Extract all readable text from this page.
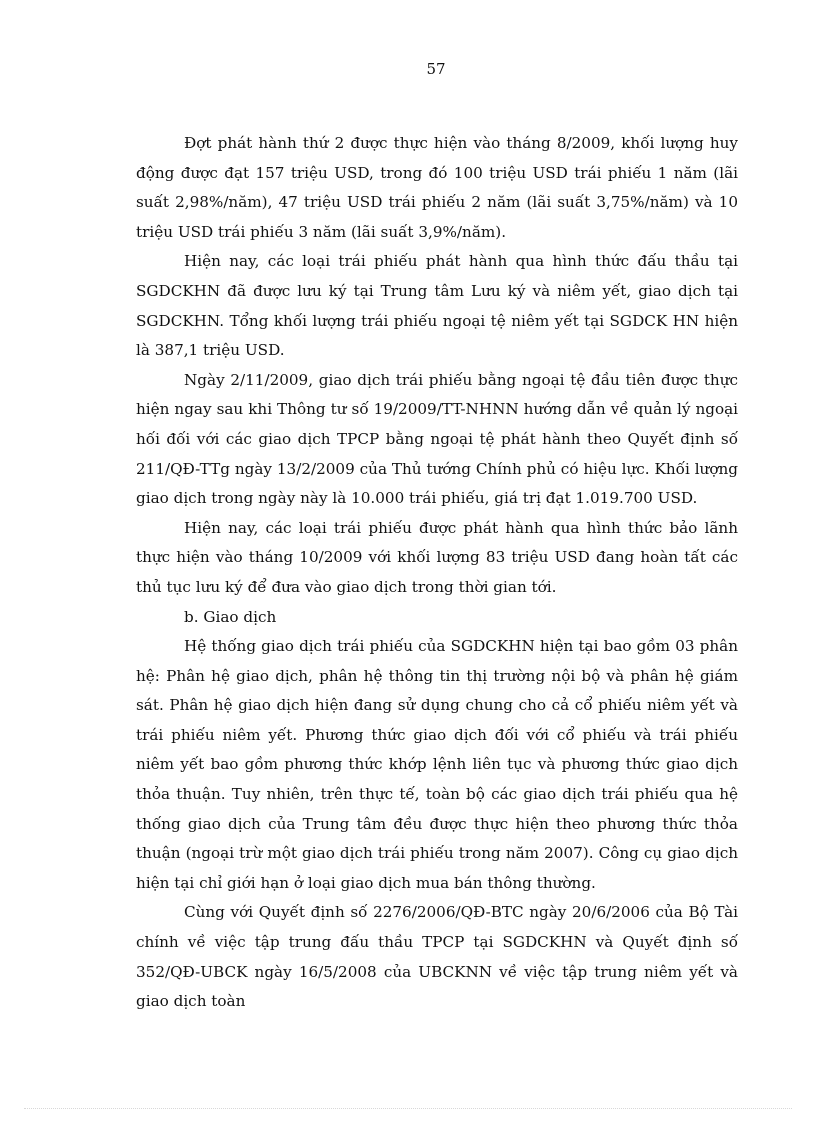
57

Đợt phát hành thứ 2 được thực hiện vào tháng 8/2009, khối lượng huy động được đạt 157 triệu USD, trong đó 100 triệu USD trái phiếu 1 năm (lãi suất 2,98%/năm), 47 triệu USD trái phiếu 2 năm (lãi suất 3,75%/năm) và 10 triệu USD trái phiếu 3 năm (lãi suất 3,9%/năm).

Hiện nay, các loại trái phiếu phát hành qua hình thức đấu thầu tại SGDCKHN đã được lưu ký tại Trung tâm Lưu ký và niêm yết, giao dịch tại SGDCKHN. Tổng khối lượng trái phiếu ngoại tệ niêm yết tại SGDCK HN hiện là 387,1 triệu USD.

Ngày 2/11/2009, giao dịch trái phiếu bằng ngoại tệ đầu tiên được thực hiện ngay sau khi Thông tư số 19/2009/TT-NHNN hướng dẫn về quản lý ngoại hối đối với các giao dịch TPCP bằng ngoại tệ phát hành theo Quyết định số 211/QĐ-TTg ngày 13/2/2009 của Thủ tướng Chính phủ có hiệu lực. Khối lượng giao dịch trong ngày này là 10.000 trái phiếu, giá trị đạt 1.019.700 USD.

Hiện nay, các loại trái phiếu được phát hành qua hình thức bảo lãnh thực hiện vào tháng 10/2009 với khối lượng 83 triệu USD đang hoàn tất các thủ tục lưu ký để đưa vào giao dịch trong thời gian tới.

b. Giao dịch

Hệ thống giao dịch trái phiếu của SGDCKHN hiện tại bao gồm 03 phân hệ: Phân hệ giao dịch, phân hệ thông tin thị trường nội bộ và phân hệ giám sát. Phân hệ giao dịch hiện đang sử dụng chung cho cả cổ phiếu niêm yết và trái phiếu niêm yết. Phương thức giao dịch đối với cổ phiếu và trái phiếu niêm yết bao gồm phương thức khớp lệnh liên tục và phương thức giao dịch thỏa thuận. Tuy nhiên, trên thực tế, toàn bộ các giao dịch trái phiếu qua hệ thống giao dịch của Trung tâm đều được thực hiện theo phương thức thỏa thuận (ngoại trừ một giao dịch trái phiếu trong năm 2007). Công cụ giao dịch hiện tại chỉ giới hạn ở loại giao dịch mua bán thông thường.

Cùng với Quyết định số 2276/2006/QĐ-BTC ngày 20/6/2006 của Bộ Tài chính về việc tập trung đấu thầu TPCP tại SGDCKHN và Quyết định số 352/QĐ-UBCK ngày 16/5/2008 của UBCKNN về việc tập trung niêm yết và giao dịch toàn
